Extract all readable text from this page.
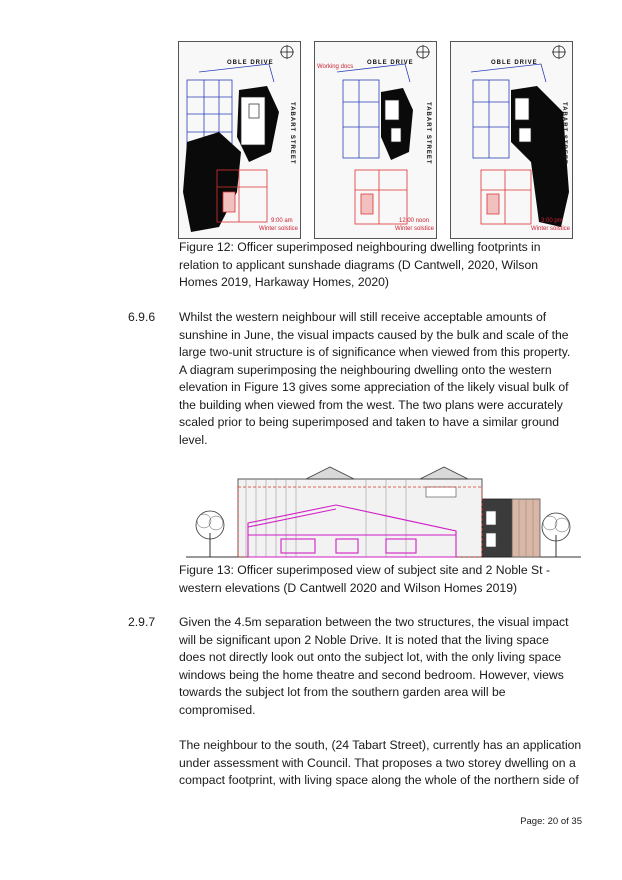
OBLE DRIVE
TABART STREET
9:00 am
Winter solstice
Working docs
OBLE DRIVE
TABART STREET
12:00 noon
Winter solstice
OBLE DRIVE
TABART STREET
3:00 pm
Winter solstice
Figure 12: Officer superimposed neighbouring dwelling footprints in
relation to applicant sunshade diagrams (D Cantwell, 2020, Wilson
Homes 2019, Harkaway Homes, 2020)
6.9.6 Whilst the western neighbour will still receive acceptable amounts of
sunshine in June, the visual impacts caused by the bulk and scale of the
large two-unit structure is of significance when viewed from this property.
A diagram superimposing the neighbouring dwelling onto the western
elevation in Figure 13 gives some appreciation of the likely visual bulk of
the building when viewed from the west. The two plans were accurately
scaled prior to being superimposed and taken to have a similar ground
level.
Figure 13: Officer superimposed view of subject site and 2 Noble St -
western elevations (D Cantwell 2020 and Wilson Homes 2019)
2.9.7 Given the 4.5m separation between the two structures, the visual impact
will be significant upon 2 Noble Drive. It is noted that the living space
does not directly look out onto the subject lot, with the only living space
windows being the home theatre and second bedroom. However, views
towards the subject lot from the southern garden area will be
compromised.
The neighbour to the south, (24 Tabart Street), currently has an application
under assessment with Council. That proposes a two storey dwelling on a
compact footprint, with living space along the whole of the northern side of
Page: 20 of 35
